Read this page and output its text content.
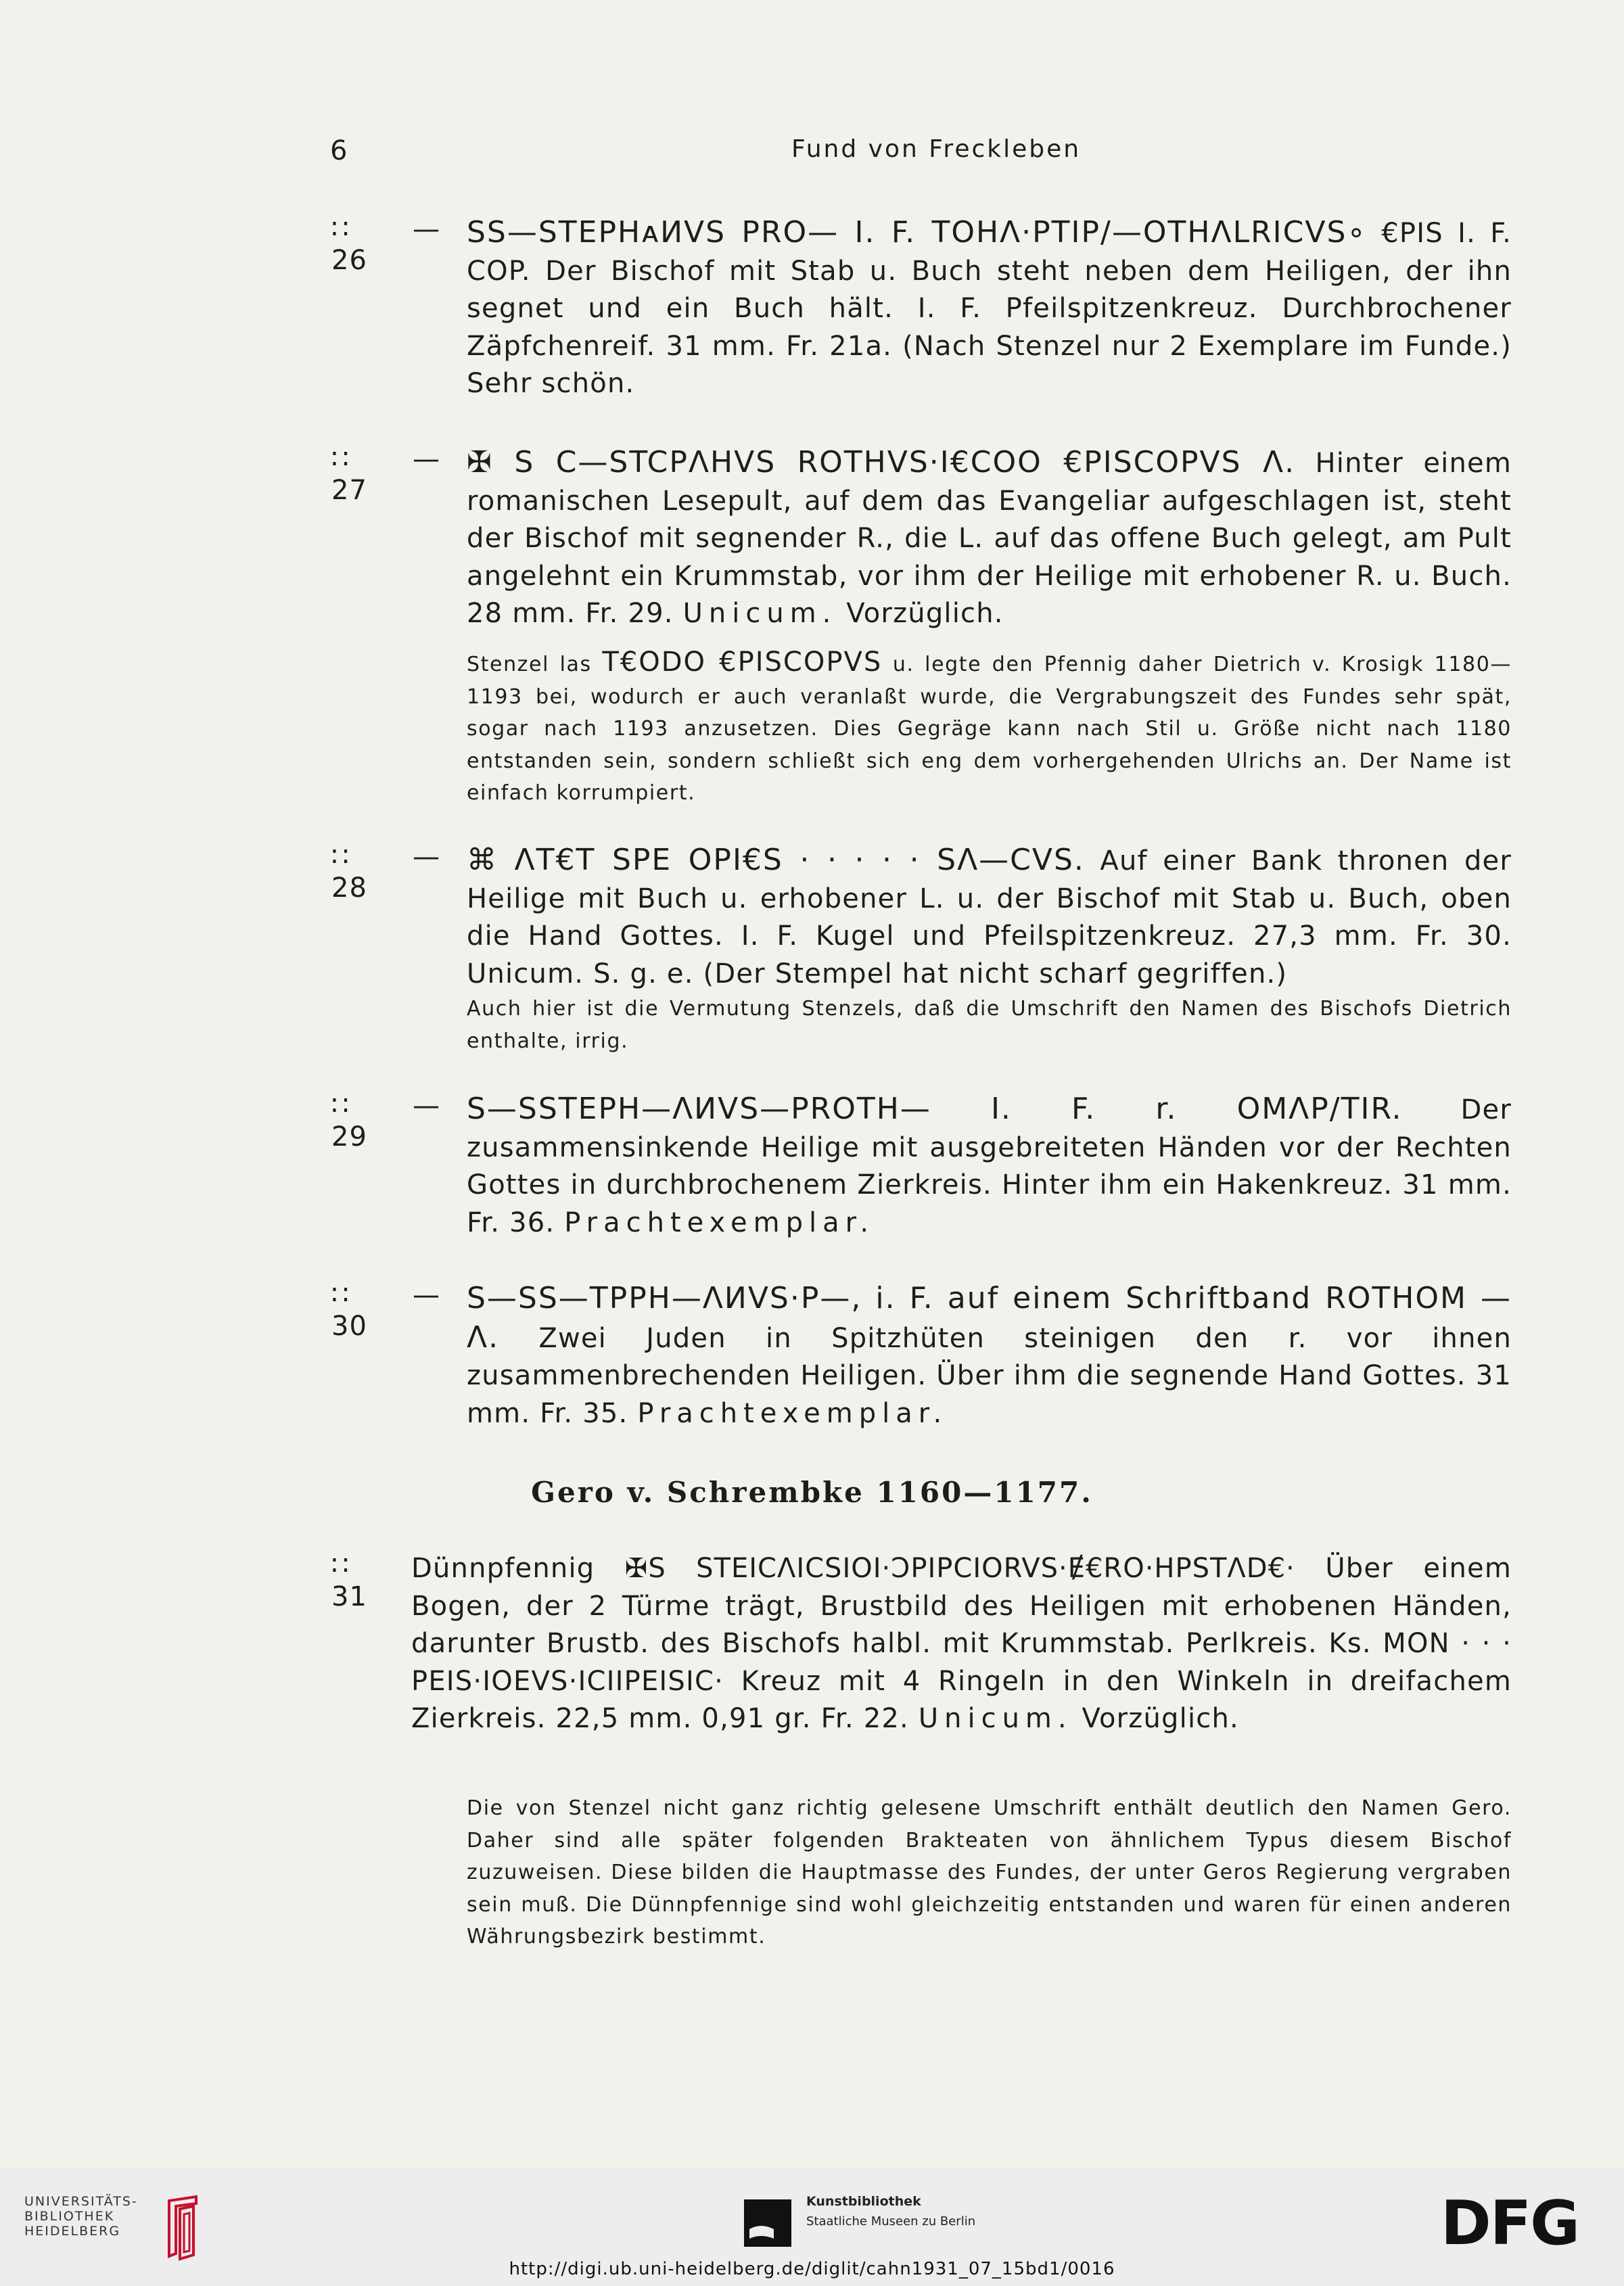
6	Fund von Freckleben
∷ 26
— SS—STEPHᴀИVS PRO— I. F. TOHɅ·PTIP/—OTHɅLRICVS∘ €PIS I. F. COP. Der Bischof mit Stab u. Buch steht neben dem Heiligen, der ihn segnet und ein Buch hält. I. F. Pfeilspitzenkreuz. Durchbrochener Zäpfchenreif. 31 mm. Fr. 21a. (Nach Stenzel nur 2 Exemplare im Funde.) Sehr schön.
∷ 27
— ✠ S C—STCPɅHVS ROTHVS·I€COO €PISCOPVS Ʌ. Hinter einem romanischen Lesepult, auf dem das Evangeliar aufgeschlagen ist, steht der Bischof mit segnender R., die L. auf das offene Buch gelegt, am Pult angelehnt ein Krummstab, vor ihm der Heilige mit erhobener R. u. Buch. 28 mm. Fr. 29. Unicum. Vorzüglich.
Stenzel las T€ODO €PISCOPVS u. legte den Pfennig daher Dietrich v. Krosigk 1180—1193 bei, wodurch er auch veranlaßt wurde, die Vergrabungszeit des Fundes sehr spät, sogar nach 1193 anzusetzen. Dies Gegräge kann nach Stil u. Größe nicht nach 1180 entstanden sein, sondern schließt sich eng dem vorhergehenden Ulrichs an. Der Name ist einfach korrumpiert.
∷ 28
— ⌘ ɅT€T SPE OPI€S · · · · · SɅ—CVS. Auf einer Bank thronen der Heilige mit Buch u. erhobener L. u. der Bischof mit Stab u. Buch, oben die Hand Gottes. I. F. Kugel und Pfeilspitzenkreuz. 27,3 mm. Fr. 30. Unicum. S. g. e. (Der Stempel hat nicht scharf gegriffen.)
Auch hier ist die Vermutung Stenzels, daß die Umschrift den Namen des Bischofs Dietrich enthalte, irrig.
∷ 29
— S—SSTEPH—ɅИVS—PROTH— I. F. r. OMɅP/TIR. Der zusammensinkende Heilige mit ausgebreiteten Händen vor der Rechten Gottes in durchbrochenem Zierkreis. Hinter ihm ein Hakenkreuz. 31 mm. Fr. 36. Prachtexemplar.
∷ 30
— S—SS—TPPH—ɅИVS·P—, i. F. auf einem Schriftband ROTHOM —Ʌ. Zwei Juden in Spitzhüten steinigen den r. vor ihnen zusammenbrechenden Heiligen. Über ihm die segnende Hand Gottes. 31 mm. Fr. 35. Prachtexemplar.
Gero v. Schrembke 1160—1177.
∷ 31
Dünnpfennig ✠S STEICɅICSIOI·ƆPIPCIORVS·Ɇ€RO·HPSTɅD€· Über einem Bogen, der 2 Türme trägt, Brustbild des Heiligen mit erhobenen Händen, darunter Brustb. des Bischofs halbl. mit Krummstab. Perlkreis. Ks. MON · · · PEIS·IOEVS·ICIIPEISIC· Kreuz mit 4 Ringeln in den Winkeln in dreifachem Zierkreis. 22,5 mm. 0,91 gr. Fr. 22. Unicum. Vorzüglich.
Die von Stenzel nicht ganz richtig gelesene Umschrift enthält deutlich den Namen Gero. Daher sind alle später folgenden Brakteaten von ähnlichem Typus diesem Bischof zuzuweisen. Diese bilden die Hauptmasse des Fundes, der unter Geros Regierung vergraben sein muß. Die Dünnpfennige sind wohl gleichzeitig entstanden und waren für einen anderen Währungsbezirk bestimmt.
UNIVERSITÄTS-
BIBLIOTHEK
HEIDELBERG
Kunstbibliothek
Staatliche Museen zu Berlin	DFG
http://digi.ub.uni-heidelberg.de/diglit/cahn1931_07_15bd1/0016
